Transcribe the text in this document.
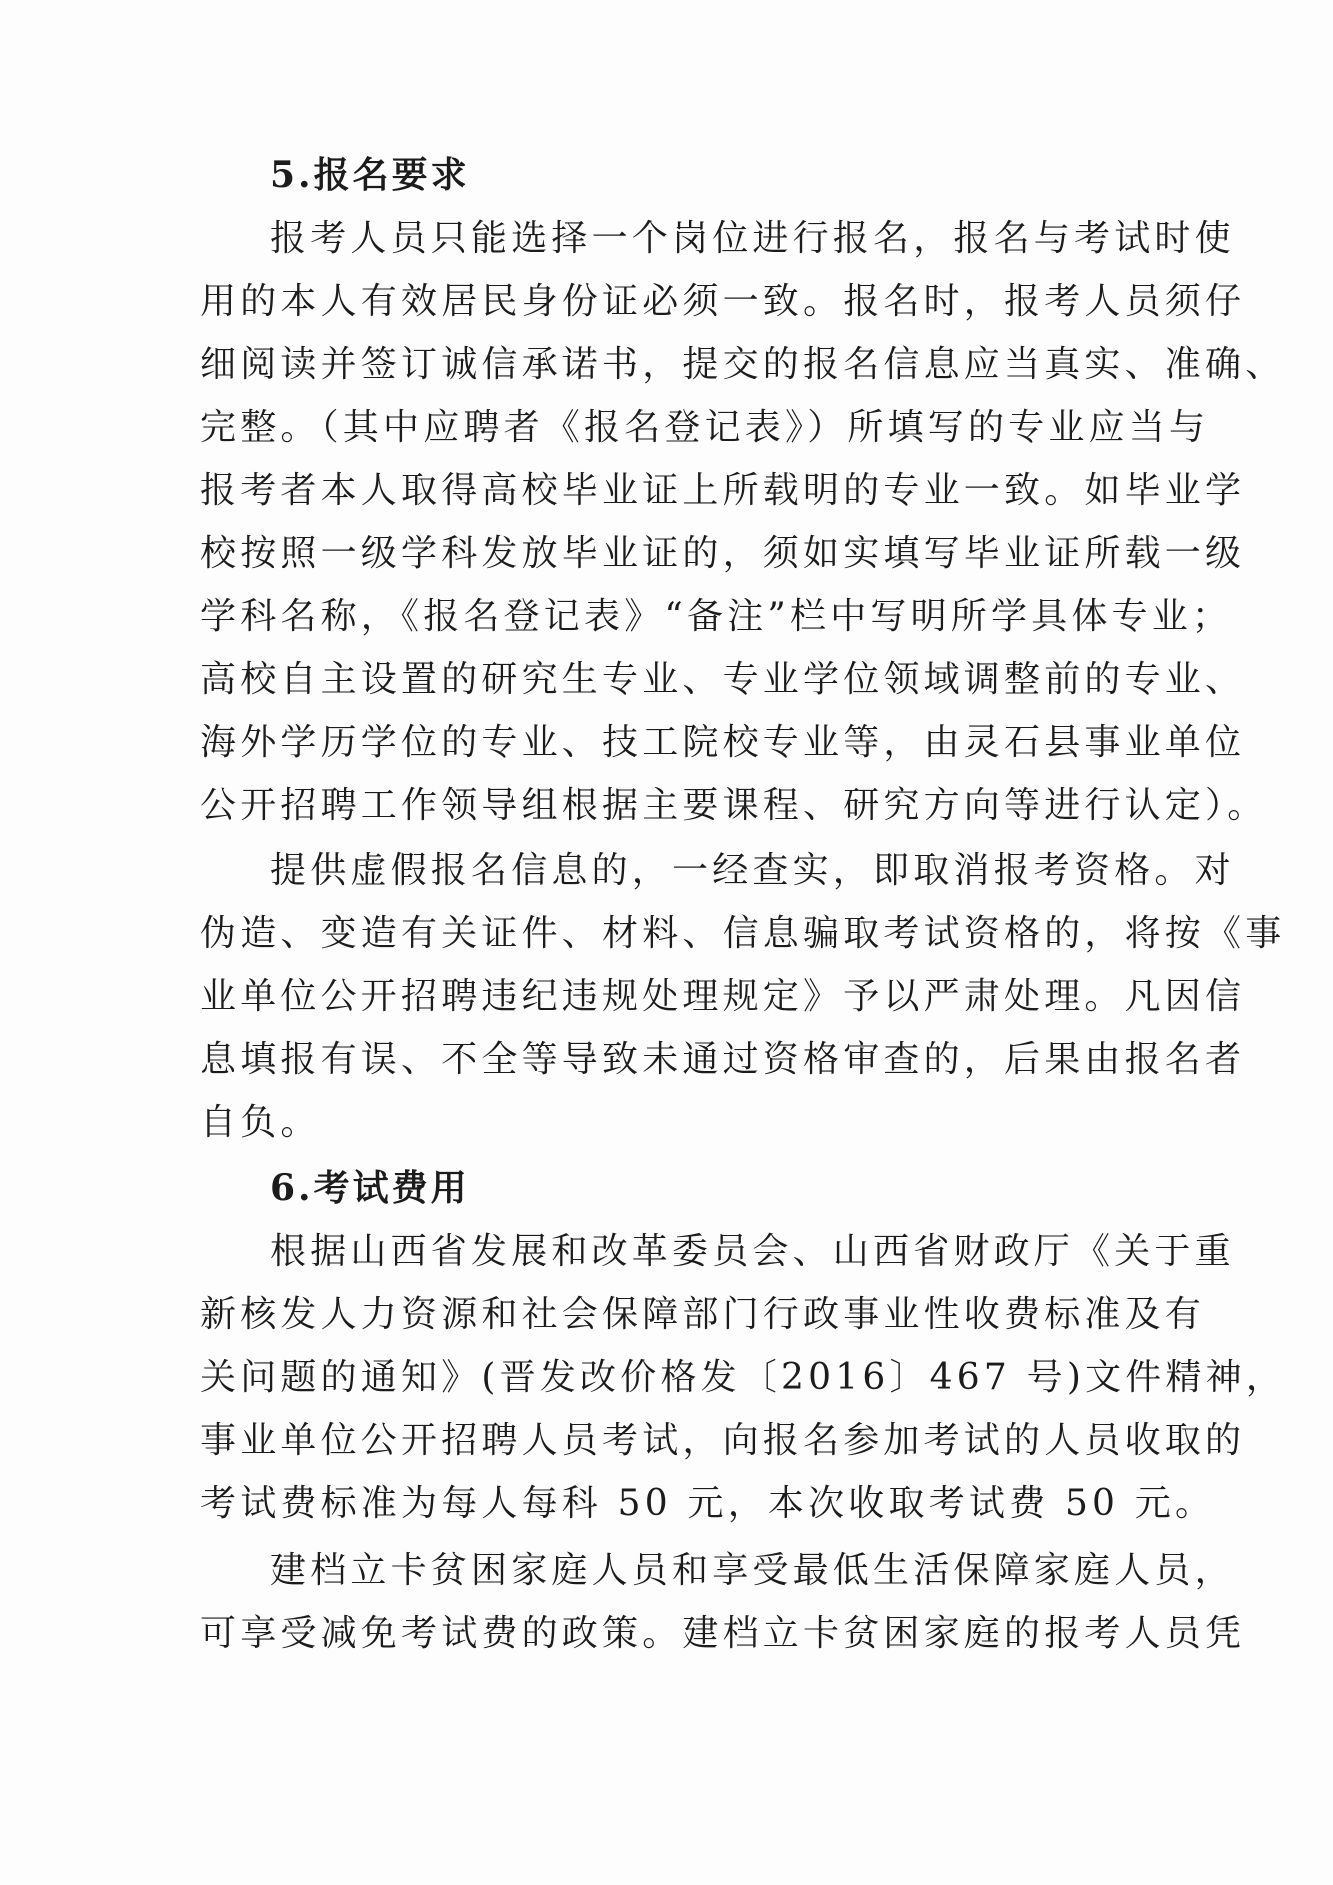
5.报名要求
报考人员只能选择一个岗位进行报名，报名与考试时使
用的本人有效居民身份证必须一致。报名时，报考人员须仔
细阅读并签订诚信承诺书，提交的报名信息应当真实、准确、
完整。（其中应聘者《报名登记表》）所填写的专业应当与
报考者本人取得高校毕业证上所载明的专业一致。如毕业学
校按照一级学科发放毕业证的，须如实填写毕业证所载一级
学科名称，《报名登记表》“备注”栏中写明所学具体专业；
高校自主设置的研究生专业、专业学位领域调整前的专业、
海外学历学位的专业、技工院校专业等，由灵石县事业单位
公开招聘工作领导组根据主要课程、研究方向等进行认定）。
提供虚假报名信息的，一经查实，即取消报考资格。对
伪造、变造有关证件、材料、信息骗取考试资格的，将按《事
业单位公开招聘违纪违规处理规定》予以严肃处理。凡因信
息填报有误、不全等导致未通过资格审查的，后果由报名者
自负。
6.考试费用
根据山西省发展和改革委员会、山西省财政厅《关于重
新核发人力资源和社会保障部门行政事业性收费标准及有
关问题的通知》(晋发改价格发〔2016〕467 号)文件精神，
事业单位公开招聘人员考试，向报名参加考试的人员收取的
考试费标准为每人每科 50 元，本次收取考试费 50 元。
建档立卡贫困家庭人员和享受最低生活保障家庭人员，
可享受减免考试费的政策。建档立卡贫困家庭的报考人员凭
